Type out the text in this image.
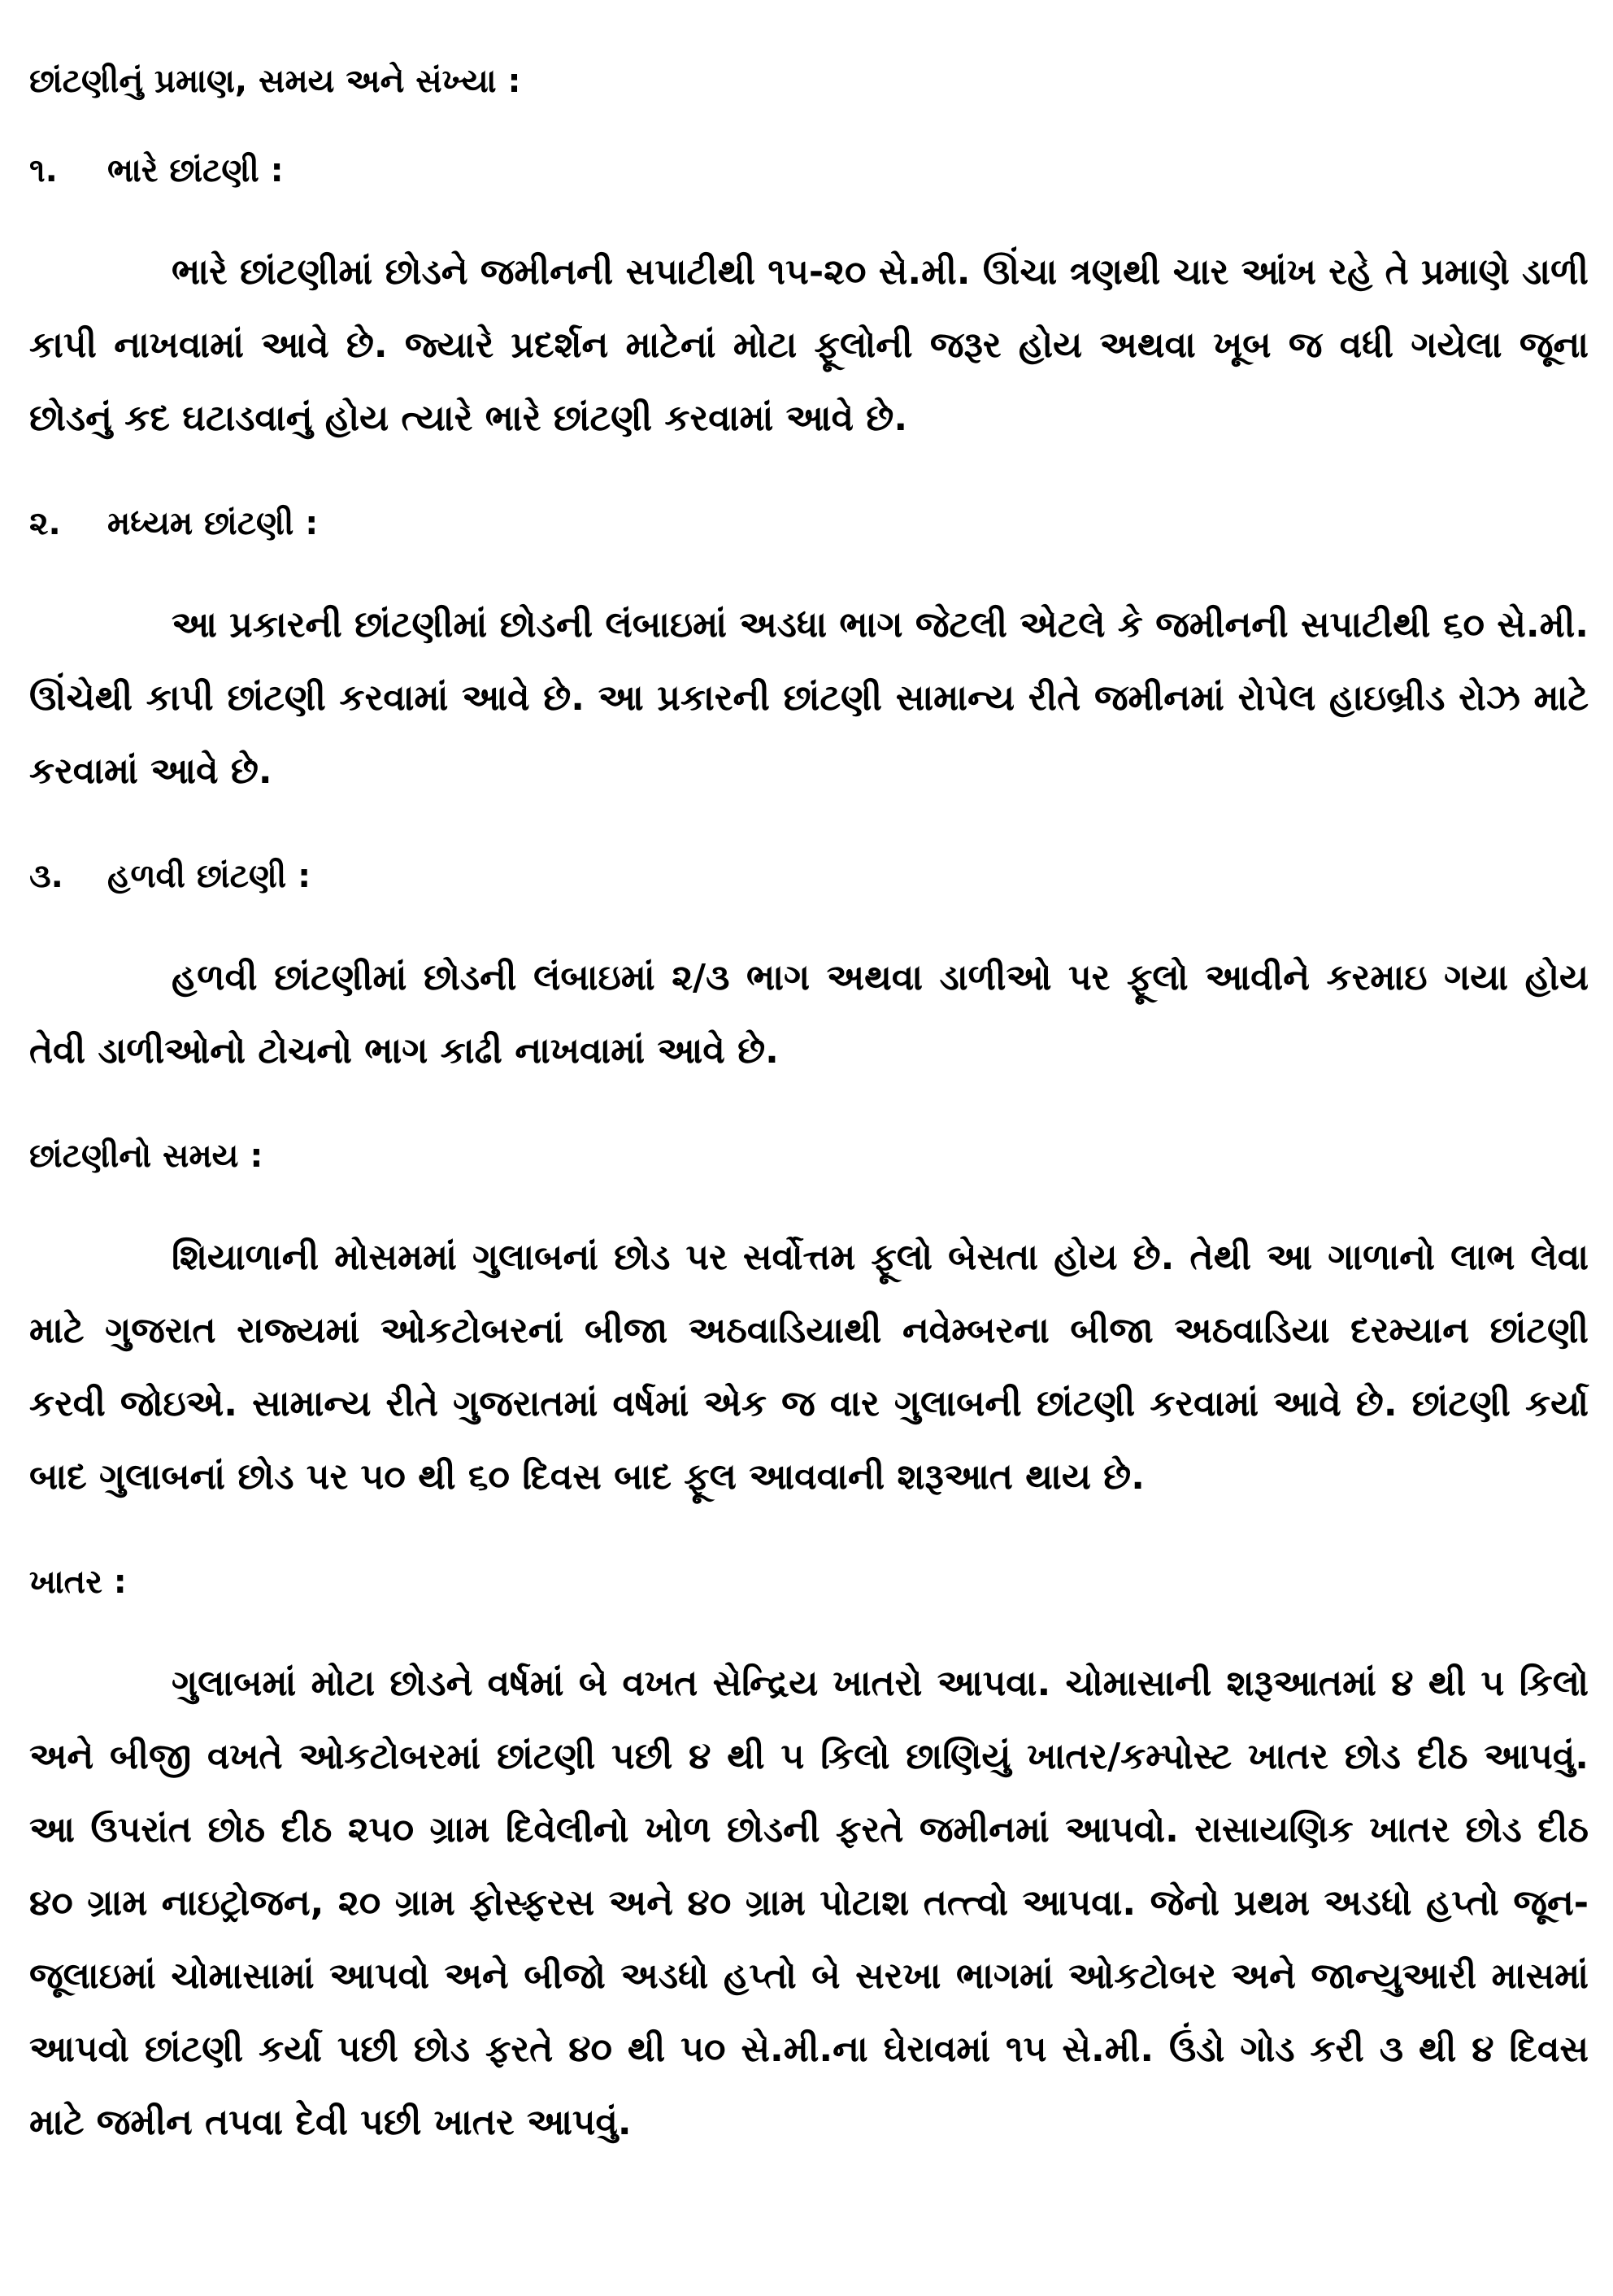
છાંટણીનું પ્રમાણ, સમય અને સંખ્યા :
૧. ભારે છાંટણી :

ભારે છાંટણીમાં છોડને જમીનની સપાટીથી ૧૫-૨૦ સે.મી. ઊંચા ત્રણથી ચાર આંખ રહે તે પ્રમાણે ડાળી કાપી નાખવામાં આવે છે. જ્યારે પ્રદર્શન માટેનાં મોટા ફૂલોની જરૂર હોય અથવા ખૂબ જ વધી ગયેલા જૂના છોડનું કદ ઘટાડવાનું હોય ત્યારે ભારે છાંટણી કરવામાં આવે છે.

૨. મધ્યમ છાંટણી :

આ પ્રકારની છાંટણીમાં છોડની લંબાઇમાં અડધા ભાગ જેટલી એટલે કે જમીનની સપાટીથી ૬૦ સે.મી. ઊંચેથી કાપી છાંટણી કરવામાં આવે છે. આ પ્રકારની છાંટણી સામાન્ય રીતે જમીનમાં રોપેલ હાઇબ્રીડ રોઝ માટે કરવામાં આવે છે.

૩. હળવી છાંટણી :

હળવી છાંટણીમાં છોડની લંબાઇમાં ૨/૩ ભાગ અથવા ડાળીઓ પર ફૂલો આવીને કરમાઇ ગયા હોય તેવી ડાળીઓનો ટોચનો ભાગ કાઢી નાખવામાં આવે છે.

છાંટણીનો સમય :

શિયાળાની મોસમમાં ગુલાબનાં છોડ પર સર્વોત્તમ ફૂલો બેસતા હોય છે. તેથી આ ગાળાનો લાભ લેવા માટે ગુજરાત રાજ્યમાં ઓકટોબરનાં બીજા અઠવાડિયાથી નવેમ્બરના બીજા અઠવાડિયા દરમ્યાન છાંટણી કરવી જોઇએ. સામાન્ય રીતે ગુજરાતમાં વર્ષમાં એક જ વાર ગુલાબની છાંટણી કરવામાં આવે છે. છાંટણી કર્યા બાદ ગુલાબનાં છોડ પર ૫૦ થી ૬૦ દિવસ બાદ ફૂલ આવવાની શરૂઆત થાય છે.

ખાતર :

ગુલાબમાં મોટા છોડને વર્ષમાં બે વખત સેન્દ્રિય ખાતરો આપવા. ચોમાસાની શરૂઆતમાં ૪ થી ૫ કિલો અને બીજી વખતે ઓકટોબરમાં છાંટણી પછી ૪ થી ૫ કિલો છાણિયું ખાતર/કમ્પોસ્ટ ખાતર છોડ દીઠ આપવું. આ ઉપરાંત છોઠ દીઠ ૨૫૦ ગ્રામ દિવેલીનો ખોળ છોડની ફરતે જમીનમાં આપવો. રાસાયણિક ખાતર છોડ દીઠ ૪૦ ગ્રામ નાઇટ્રોજન, ૨૦ ગ્રામ ફોસ્ફરસ અને ૪૦ ગ્રામ પોટાશ તત્ત્વો આપવા. જેનો પ્રથમ અડધો હપ્તો જૂન-જૂલાઇમાં ચોમાસામાં આપવો અને બીજો અડધો હપ્તો બે સરખા ભાગમાં ઓકટોબર અને જાન્યુઆરી માસમાં આપવો છાંટણી કર્યા પછી છોડ ફરતે ૪૦ થી ૫૦ સે.મી.ના ઘેરાવમાં ૧૫ સે.મી. ઉંડો ગોડ કરી ૩ થી ૪ દિવસ માટે જમીન તપવા દેવી પછી ખાતર આપવું.
